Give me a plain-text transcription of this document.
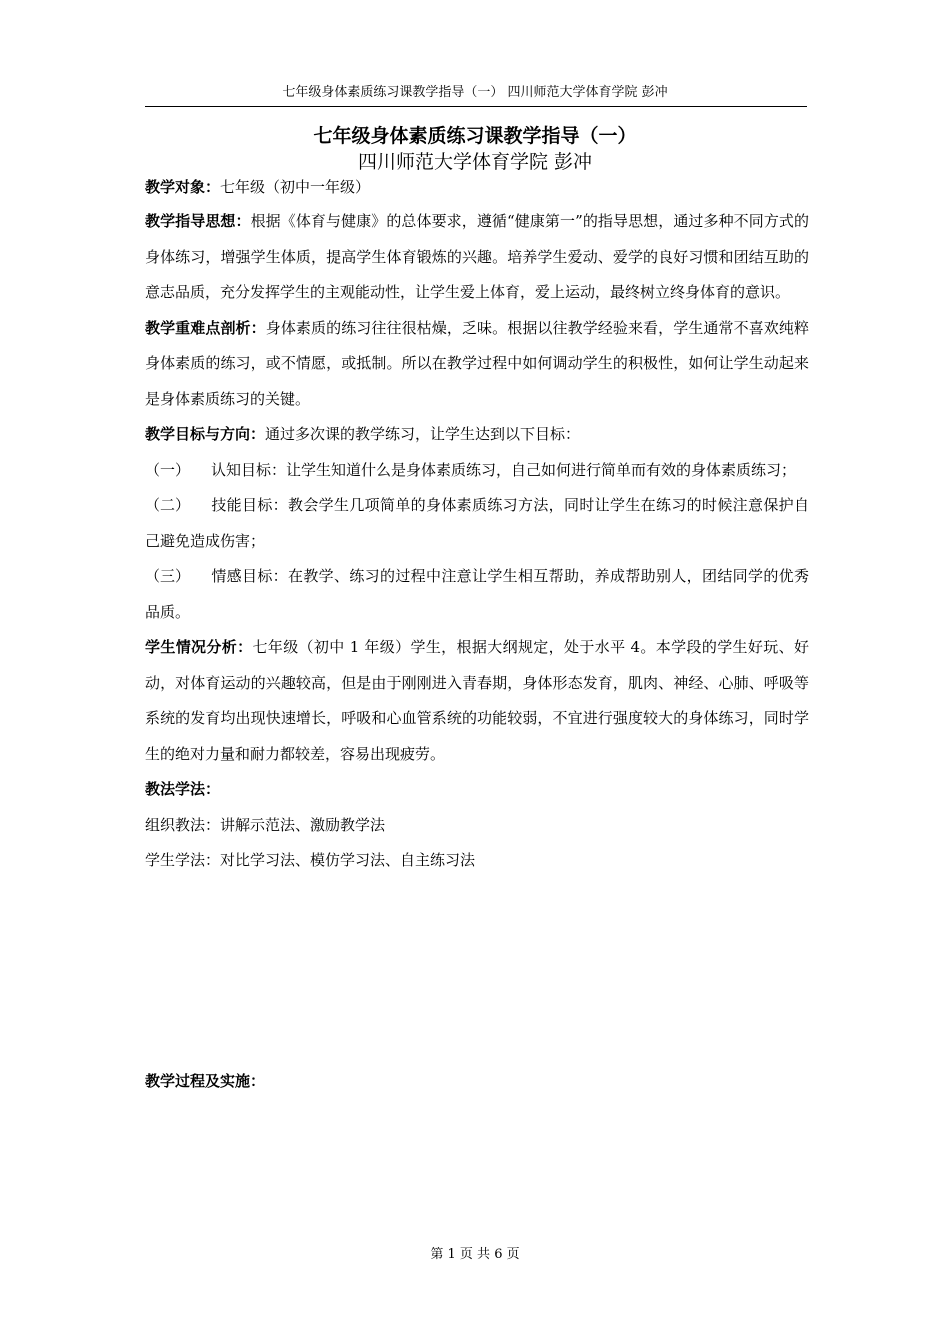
七年级身体素质练习课教学指导（一） 四川师范大学体育学院 彭冲
七年级身体素质练习课教学指导（一）
四川师范大学体育学院 彭冲

教学对象：七年级（初中一年级）

教学指导思想：根据《体育与健康》的总体要求，遵循“健康第一”的指导思想，通过多种不同方式的身体练习，增强学生体质，提高学生体育锻炼的兴趣。培养学生爱动、爱学的良好习惯和团结互助的意志品质，充分发挥学生的主观能动性，让学生爱上体育，爱上运动，最终树立终身体育的意识。

教学重难点剖析：身体素质的练习往往很枯燥，乏味。根据以往教学经验来看，学生通常不喜欢纯粹身体素质的练习，或不情愿，或抵制。所以在教学过程中如何调动学生的积极性，如何让学生动起来是身体素质练习的关键。

教学目标与方向：通过多次课的教学练习，让学生达到以下目标：

（一） 认知目标：让学生知道什么是身体素质练习，自己如何进行简单而有效的身体素质练习；

（二） 技能目标：教会学生几项简单的身体素质练习方法，同时让学生在练习的时候注意保护自己避免造成伤害；

（三） 情感目标：在教学、练习的过程中注意让学生相互帮助，养成帮助别人，团结同学的优秀品质。

学生情况分析：七年级（初中 1 年级）学生，根据大纲规定，处于水平 4。本学段的学生好玩、好动，对体育运动的兴趣较高，但是由于刚刚进入青春期，身体形态发育，肌肉、神经、心肺、呼吸等系统的发育均出现快速增长，呼吸和心血管系统的功能较弱，不宜进行强度较大的身体练习，同时学生的绝对力量和耐力都较差，容易出现疲劳。

教法学法：

组织教法：讲解示范法、激励教学法

学生学法：对比学习法、模仿学习法、自主练习法

教学过程及实施：

第 1 页 共 6 页
